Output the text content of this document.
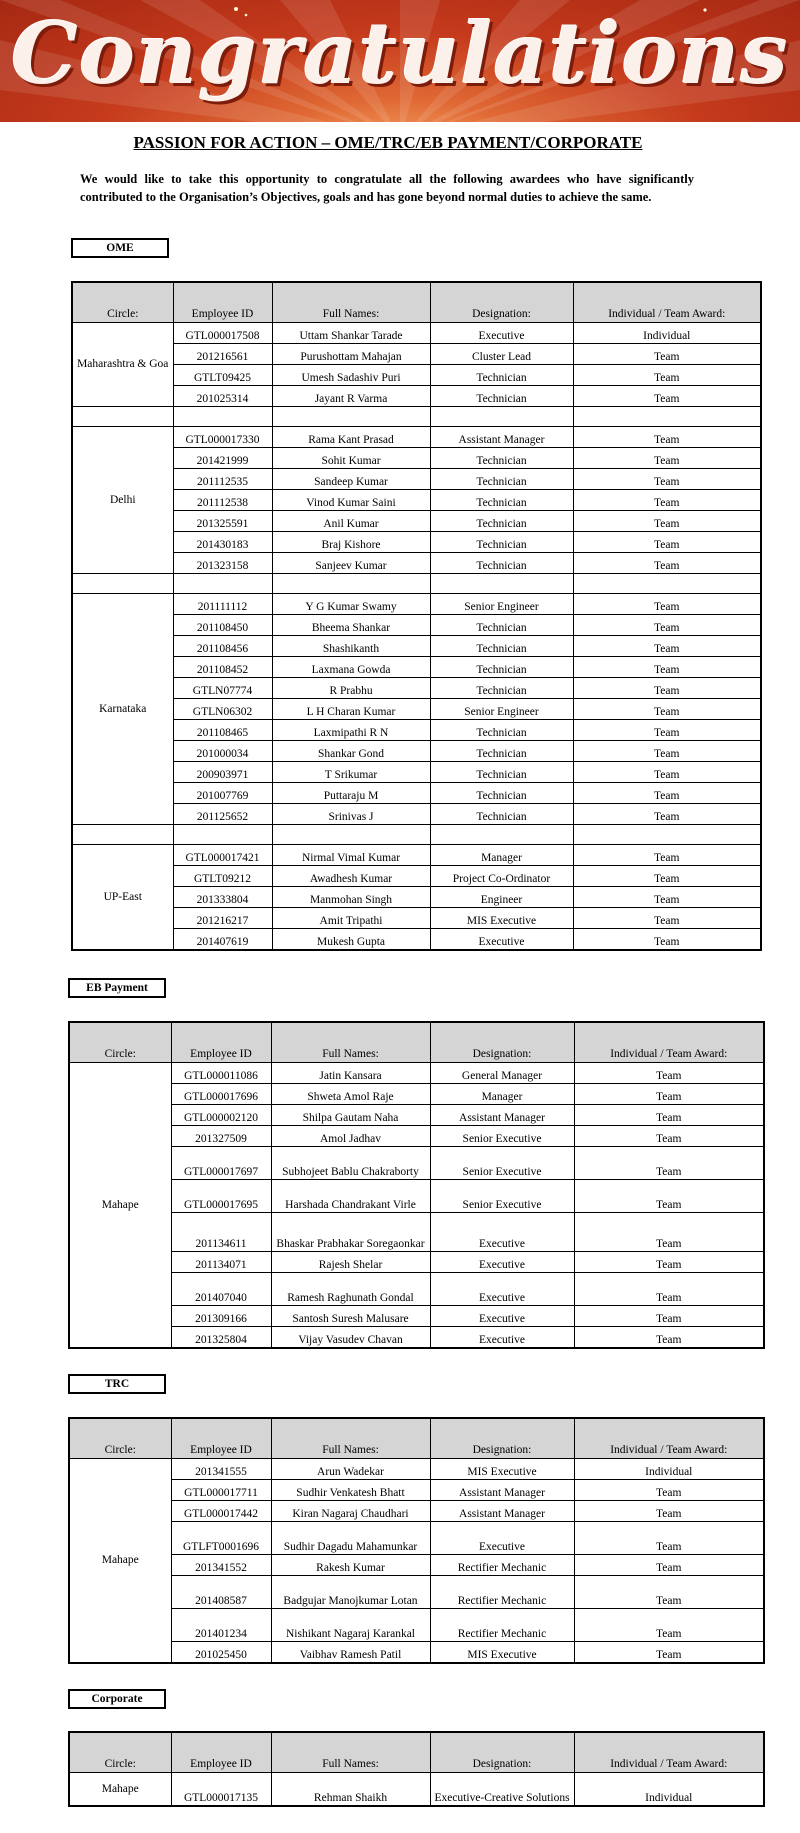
Congratulations
PASSION FOR ACTION – OME/TRC/EB PAYMENT/CORPORATE
We would like to take this opportunity to congratulate all the following awardees who have significantly contributed to the Organisation’s Objectives, goals and has gone beyond normal duties to achieve the same.
OME
Circle:	Employee ID	Full Names:	Designation:	Individual / Team Award:
Maharashtra & Goa	GTL000017508	Uttam Shankar Tarade	Executive	Individual
	201216561	Purushottam Mahajan	Cluster Lead	Team
	GTLT09425	Umesh Sadashiv Puri	Technician	Team
	201025314	Jayant R Varma	Technician	Team

Delhi	GTL000017330	Rama Kant Prasad	Assistant Manager	Team
	201421999	Sohit Kumar	Technician	Team
	201112535	Sandeep Kumar	Technician	Team
	201112538	Vinod Kumar Saini	Technician	Team
	201325591	Anil Kumar	Technician	Team
	201430183	Braj Kishore	Technician	Team
	201323158	Sanjeev Kumar	Technician	Team

Karnataka	201111112	Y G Kumar Swamy	Senior Engineer	Team
	201108450	Bheema Shankar	Technician	Team
	201108456	Shashikanth	Technician	Team
	201108452	Laxmana Gowda	Technician	Team
	GTLN07774	R Prabhu	Technician	Team
	GTLN06302	L H Charan Kumar	Senior Engineer	Team
	201108465	Laxmipathi R N	Technician	Team
	201000034	Shankar Gond	Technician	Team
	200903971	T Srikumar	Technician	Team
	201007769	Puttaraju M	Technician	Team
	201125652	Srinivas J	Technician	Team

UP-East	GTL000017421	Nirmal Vimal Kumar	Manager	Team
	GTLT09212	Awadhesh Kumar	Project Co-Ordinator	Team
	201333804	Manmohan Singh	Engineer	Team
	201216217	Amit Tripathi	MIS Executive	Team
	201407619	Mukesh Gupta	Executive	Team
EB Payment
Circle:	Employee ID	Full Names:	Designation:	Individual / Team Award:
Mahape	GTL000011086	Jatin Kansara	General Manager	Team
	GTL000017696	Shweta Amol Raje	Manager	Team
	GTL000002120	Shilpa Gautam Naha	Assistant Manager	Team
	201327509	Amol Jadhav	Senior Executive	Team
	GTL000017697	Subhojeet Bablu Chakraborty	Senior Executive	Team
	GTL000017695	Harshada Chandrakant Virle	Senior Executive	Team
	201134611	Bhaskar Prabhakar Soregaonkar	Executive	Team
	201134071	Rajesh Shelar	Executive	Team
	201407040	Ramesh Raghunath Gondal	Executive	Team
	201309166	Santosh Suresh Malusare	Executive	Team
	201325804	Vijay Vasudev Chavan	Executive	Team
TRC
Circle:	Employee ID	Full Names:	Designation:	Individual / Team Award:
Mahape	201341555	Arun Wadekar	MIS Executive	Individual
	GTL000017711	Sudhir Venkatesh Bhatt	Assistant Manager	Team
	GTL000017442	Kiran Nagaraj Chaudhari	Assistant Manager	Team
	GTLFT0001696	Sudhir Dagadu Mahamunkar	Executive	Team
	201341552	Rakesh Kumar	Rectifier Mechanic	Team
	201408587	Badgujar Manojkumar Lotan	Rectifier Mechanic	Team
	201401234	Nishikant Nagaraj Karankal	Rectifier Mechanic	Team
	201025450	Vaibhav Ramesh Patil	MIS Executive	Team
Corporate
Circle:	Employee ID	Full Names:	Designation:	Individual / Team Award:
Mahape	GTL000017135	Rehman Shaikh	Executive-Creative Solutions	Individual
